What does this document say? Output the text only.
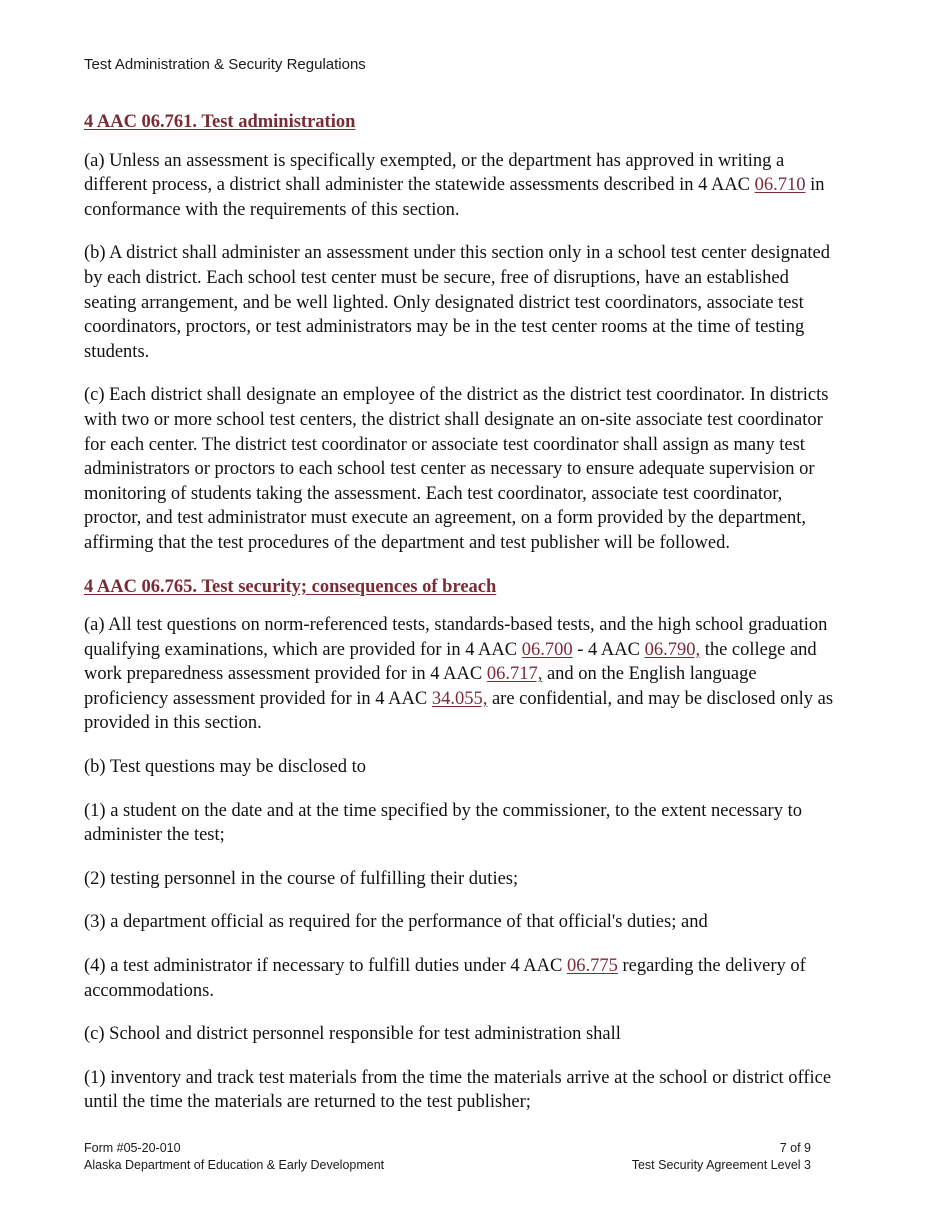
Test Administration & Security Regulations
4 AAC 06.761. Test administration

(a) Unless an assessment is specifically exempted, or the department has approved in writing a different process, a district shall administer the statewide assessments described in 4 AAC 06.710 in conformance with the requirements of this section.

(b) A district shall administer an assessment under this section only in a school test center designated by each district. Each school test center must be secure, free of disruptions, have an established seating arrangement, and be well lighted. Only designated district test coordinators, associate test coordinators, proctors, or test administrators may be in the test center rooms at the time of testing students.

(c) Each district shall designate an employee of the district as the district test coordinator. In districts with two or more school test centers, the district shall designate an on-site associate test coordinator for each center. The district test coordinator or associate test coordinator shall assign as many test administrators or proctors to each school test center as necessary to ensure adequate supervision or monitoring of students taking the assessment. Each test coordinator, associate test coordinator, proctor, and test administrator must execute an agreement, on a form provided by the department, affirming that the test procedures of the department and test publisher will be followed.

4 AAC 06.765. Test security; consequences of breach

(a) All test questions on norm-referenced tests, standards-based tests, and the high school graduation qualifying examinations, which are provided for in 4 AAC 06.700 - 4 AAC 06.790, the college and work preparedness assessment provided for in 4 AAC 06.717, and on the English language proficiency assessment provided for in 4 AAC 34.055, are confidential, and may be disclosed only as provided in this section.

(b) Test questions may be disclosed to

(1) a student on the date and at the time specified by the commissioner, to the extent necessary to administer the test;

(2) testing personnel in the course of fulfilling their duties;

(3) a department official as required for the performance of that official's duties; and

(4) a test administrator if necessary to fulfill duties under 4 AAC 06.775 regarding the delivery of accommodations.

(c) School and district personnel responsible for test administration shall

(1) inventory and track test materials from the time the materials arrive at the school or district office until the time the materials are returned to the test publisher;

Form #05-20-010	7 of 9
Alaska Department of Education & Early Development	Test Security Agreement Level 3
